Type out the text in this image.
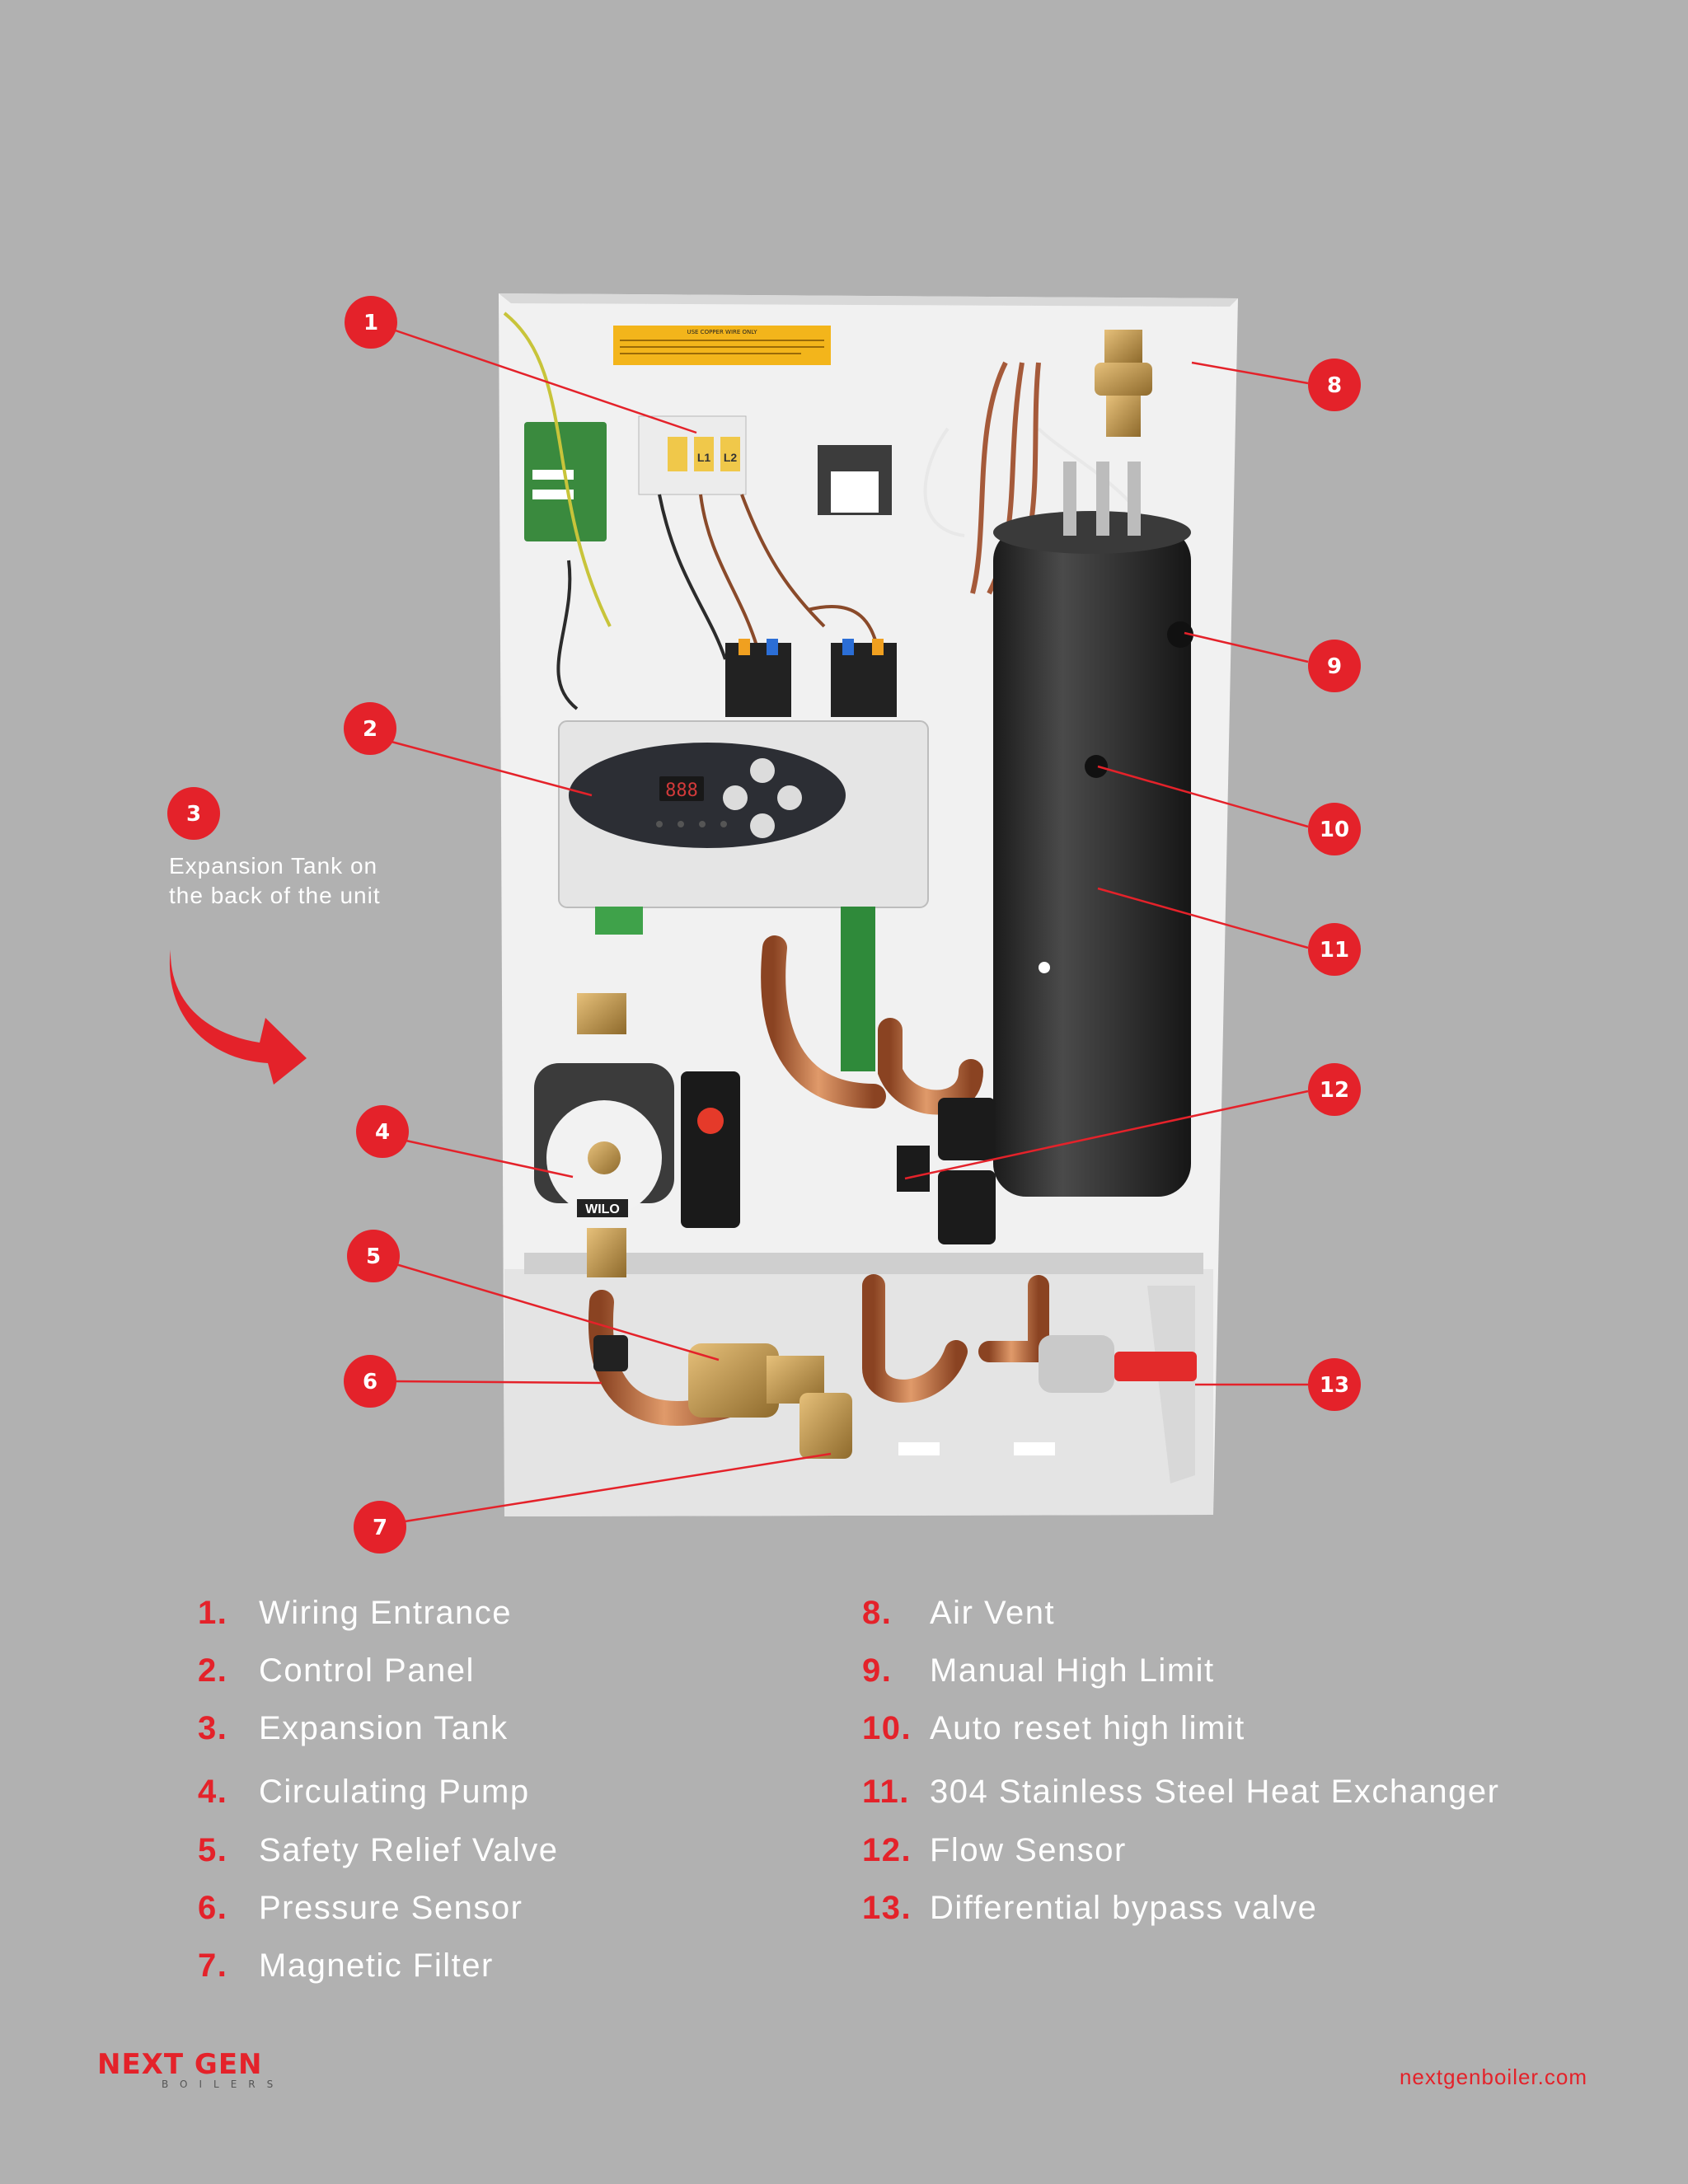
USE COPPER WIRE ONLY
L1 L2
888
WILO
1
2
3
4
5
6
7
8
9
10
11
12
13

Expansion Tank on the back of the unit

1. Wiring Entrance
2. Control Panel
3. Expansion Tank
4. Circulating Pump
5. Safety Relief Valve
6. Pressure Sensor
7. Magnetic Filter
8. Air Vent
9. Manual High Limit
10. Auto reset high limit
11. 304 Stainless Steel Heat Exchanger
12. Flow Sensor
13. Differential bypass valve
NEXT GEN
BOILERS	nextgenboiler.com
